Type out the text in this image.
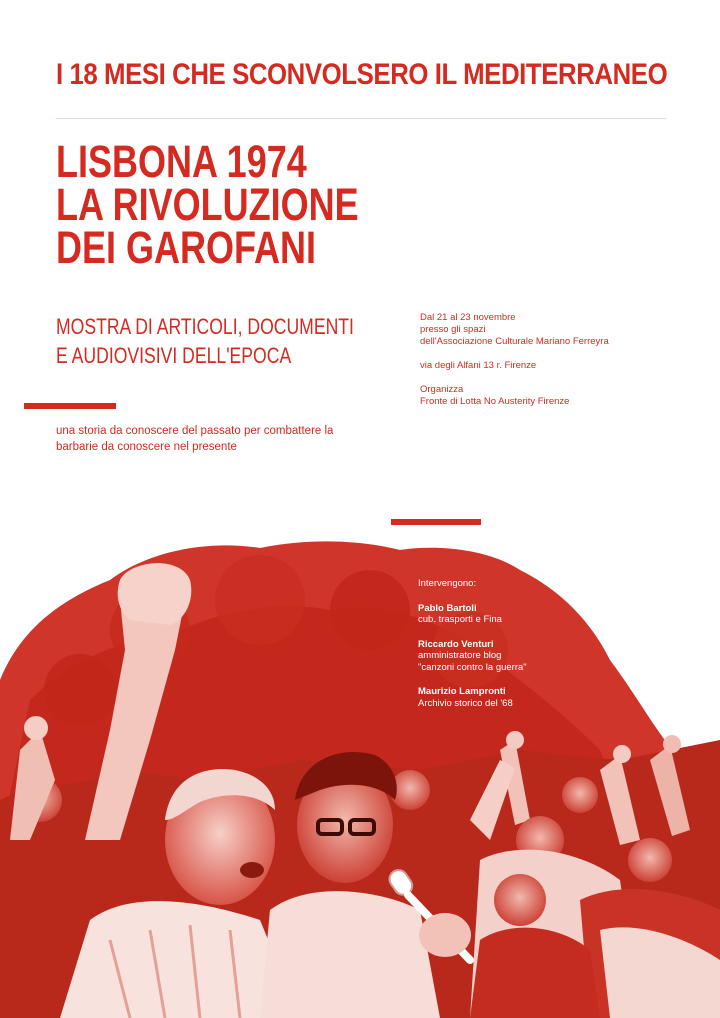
I 18 MESI CHE SCONVOLSERO IL MEDITERRANEO
LISBONA 1974
LA RIVOLUZIONE
DEI GAROFANI
MOSTRA DI ARTICOLI, DOCUMENTI
E AUDIOVISIVI DELL'EPOCA
una storia da conoscere del passato per combattere la barbarie da conoscere nel presente
Dal 21 al 23 novembre
presso gli spazi
dell'Associazione Culturale Mariano Ferreyra
via degli Alfani 13 r. Firenze
Organizza
Fronte di Lotta No Austerity Firenze
Intervengono:
Pablo Bartoli
cub. trasporti e Fina
Riccardo Venturi
amministratore blog
"canzoni contro la guerra"
Maurizio Lampronti
Archivio storico del '68
